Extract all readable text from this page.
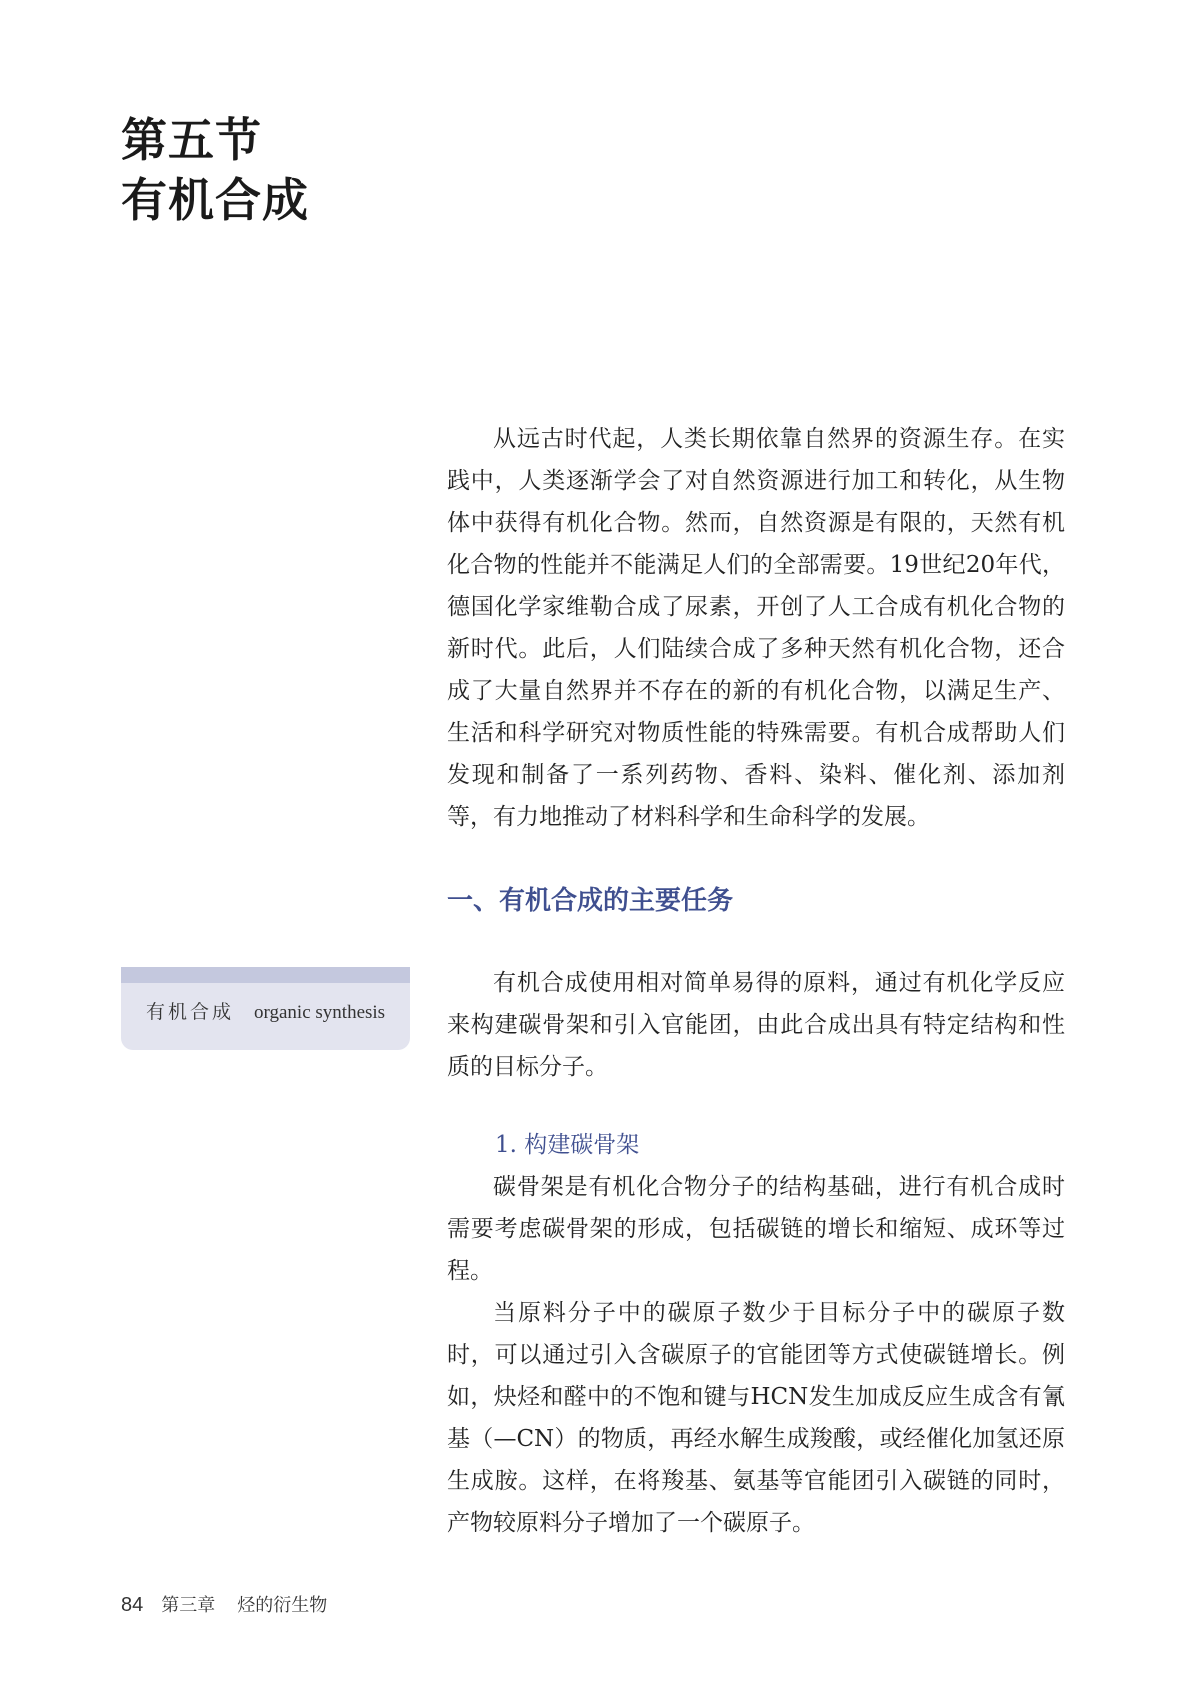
第五节
有机合成

从远古时代起，人类长期依靠自然界的资源生存。在实践中，人类逐渐学会了对自然资源进行加工和转化，从生物体中获得有机化合物。然而，自然资源是有限的，天然有机化合物的性能并不能满足人们的全部需要。19世纪20年代，德国化学家维勒合成了尿素，开创了人工合成有机化合物的新时代。此后，人们陆续合成了多种天然有机化合物，还合成了大量自然界并不存在的新的有机化合物，以满足生产、生活和科学研究对物质性能的特殊需要。有机合成帮助人们发现和制备了一系列药物、香料、染料、催化剂、添加剂等，有力地推动了材料科学和生命科学的发展。

一、有机合成的主要任务
有机合成 organic synthesis

有机合成使用相对简单易得的原料，通过有机化学反应来构建碳骨架和引入官能团，由此合成出具有特定结构和性质的目标分子。

1. 构建碳骨架

碳骨架是有机化合物分子的结构基础，进行有机合成时需要考虑碳骨架的形成，包括碳链的增长和缩短、成环等过程。

当原料分子中的碳原子数少于目标分子中的碳原子数时，可以通过引入含碳原子的官能团等方式使碳链增长。例如，炔烃和醛中的不饱和键与HCN发生加成反应生成含有氰基（—CN）的物质，再经水解生成羧酸，或经催化加氢还原生成胺。这样，在将羧基、氨基等官能团引入碳链的同时，产物较原料分子增加了一个碳原子。

84 第三章 烃的衍生物
